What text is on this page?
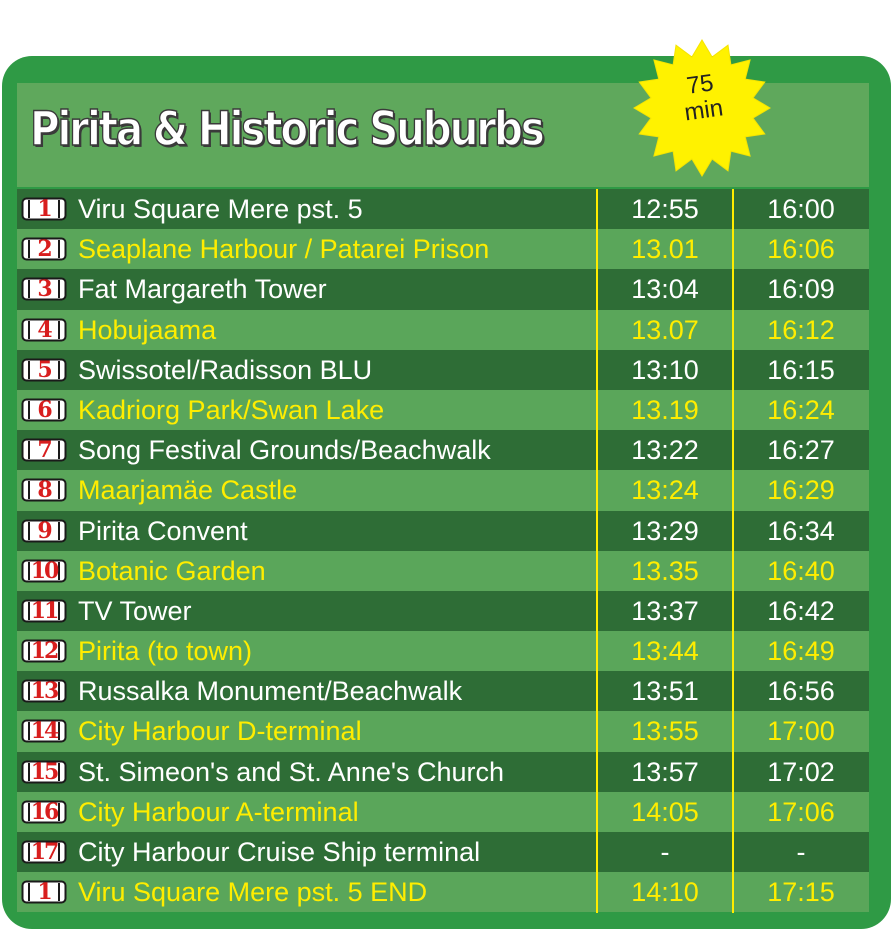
Pirita & Historic Suburbs
75
min
1	Viru Square Mere pst. 5	12:55	16:00
2	Seaplane Harbour / Patarei Prison	13.01	16:06
3	Fat Margareth Tower	13:04	16:09
4	Hobujaama	13.07	16:12
5	Swissotel/Radisson BLU	13:10	16:15
6	Kadriorg Park/Swan Lake	13.19	16:24
7	Song Festival Grounds/Beachwalk	13:22	16:27
8	Maarjamäe Castle	13:24	16:29
9	Pirita Convent	13:29	16:34
10 Botanic Garden	13.35	16:40
11 TV Tower	13:37	16:42
12 Pirita (to town)	13:44	16:49
13 Russalka Monument/Beachwalk	13:51	16:56
14 City Harbour D-terminal	13:55	17:00
15 St. Simeon's and St. Anne's Church	13:57	17:02
16 City Harbour A-terminal	14:05	17:06
17 City Harbour Cruise Ship terminal	-	-
1	Viru Square Mere pst. 5 END	14:10	17:15
